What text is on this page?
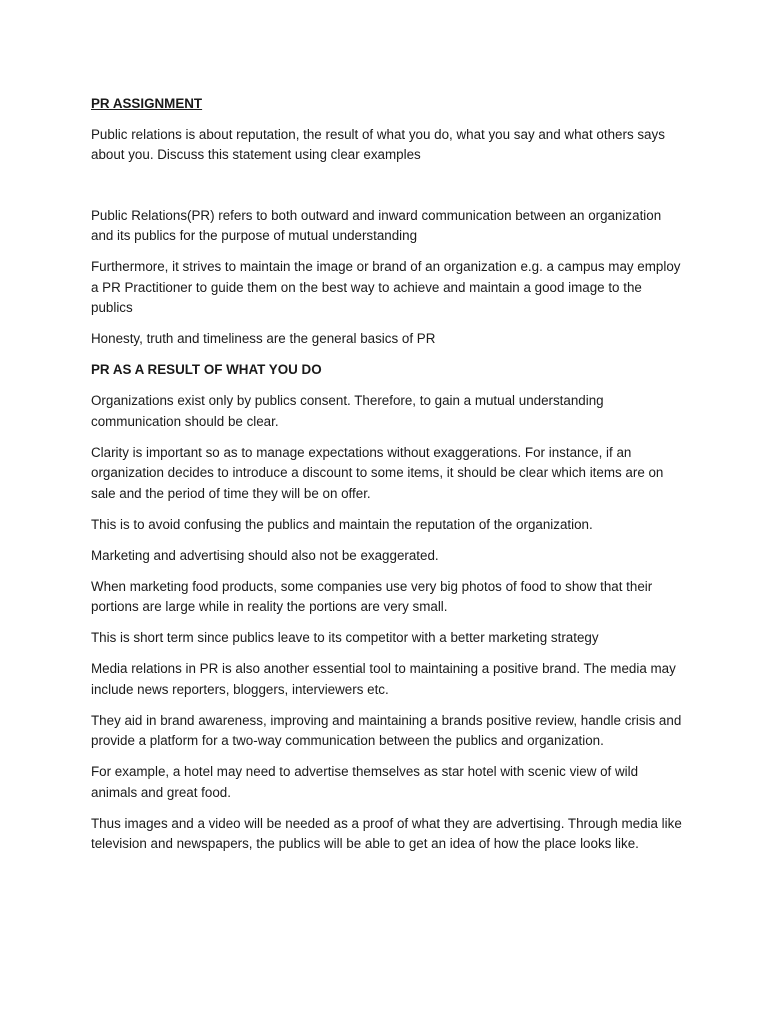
PR ASSIGNMENT

Public relations is about reputation, the result of what you do, what you say and what others says about you. Discuss this statement using clear examples

Public Relations(PR) refers to both outward and inward communication between an organization and its publics for the purpose of mutual understanding

Furthermore, it strives to maintain the image or brand of an organization e.g. a campus may employ a PR Practitioner to guide them on the best way to achieve and maintain a good image to the publics

Honesty, truth and timeliness are the general basics of PR

PR AS A RESULT OF WHAT YOU DO

Organizations exist only by publics consent. Therefore, to gain a mutual understanding communication should be clear.

Clarity is important so as to manage expectations without exaggerations. For instance, if an organization decides to introduce a discount to some items, it should be clear which items are on sale and the period of time they will be on offer.

This is to avoid confusing the publics and maintain the reputation of the organization.

Marketing and advertising should also not be exaggerated.

When marketing food products, some companies use very big photos of food to show that their portions are large while in reality the portions are very small.

This is short term since publics leave to its competitor with a better marketing strategy

Media relations in PR is also another essential tool to maintaining a positive brand. The media may include news reporters, bloggers, interviewers etc.

They aid in brand awareness, improving and maintaining a brands positive review, handle crisis and provide a platform for a two-way communication between the publics and organization.

For example, a hotel may need to advertise themselves as star hotel with scenic view of wild animals and great food.

Thus images and a video will be needed as a proof of what they are advertising. Through media like television and newspapers, the publics will be able to get an idea of how the place looks like.
